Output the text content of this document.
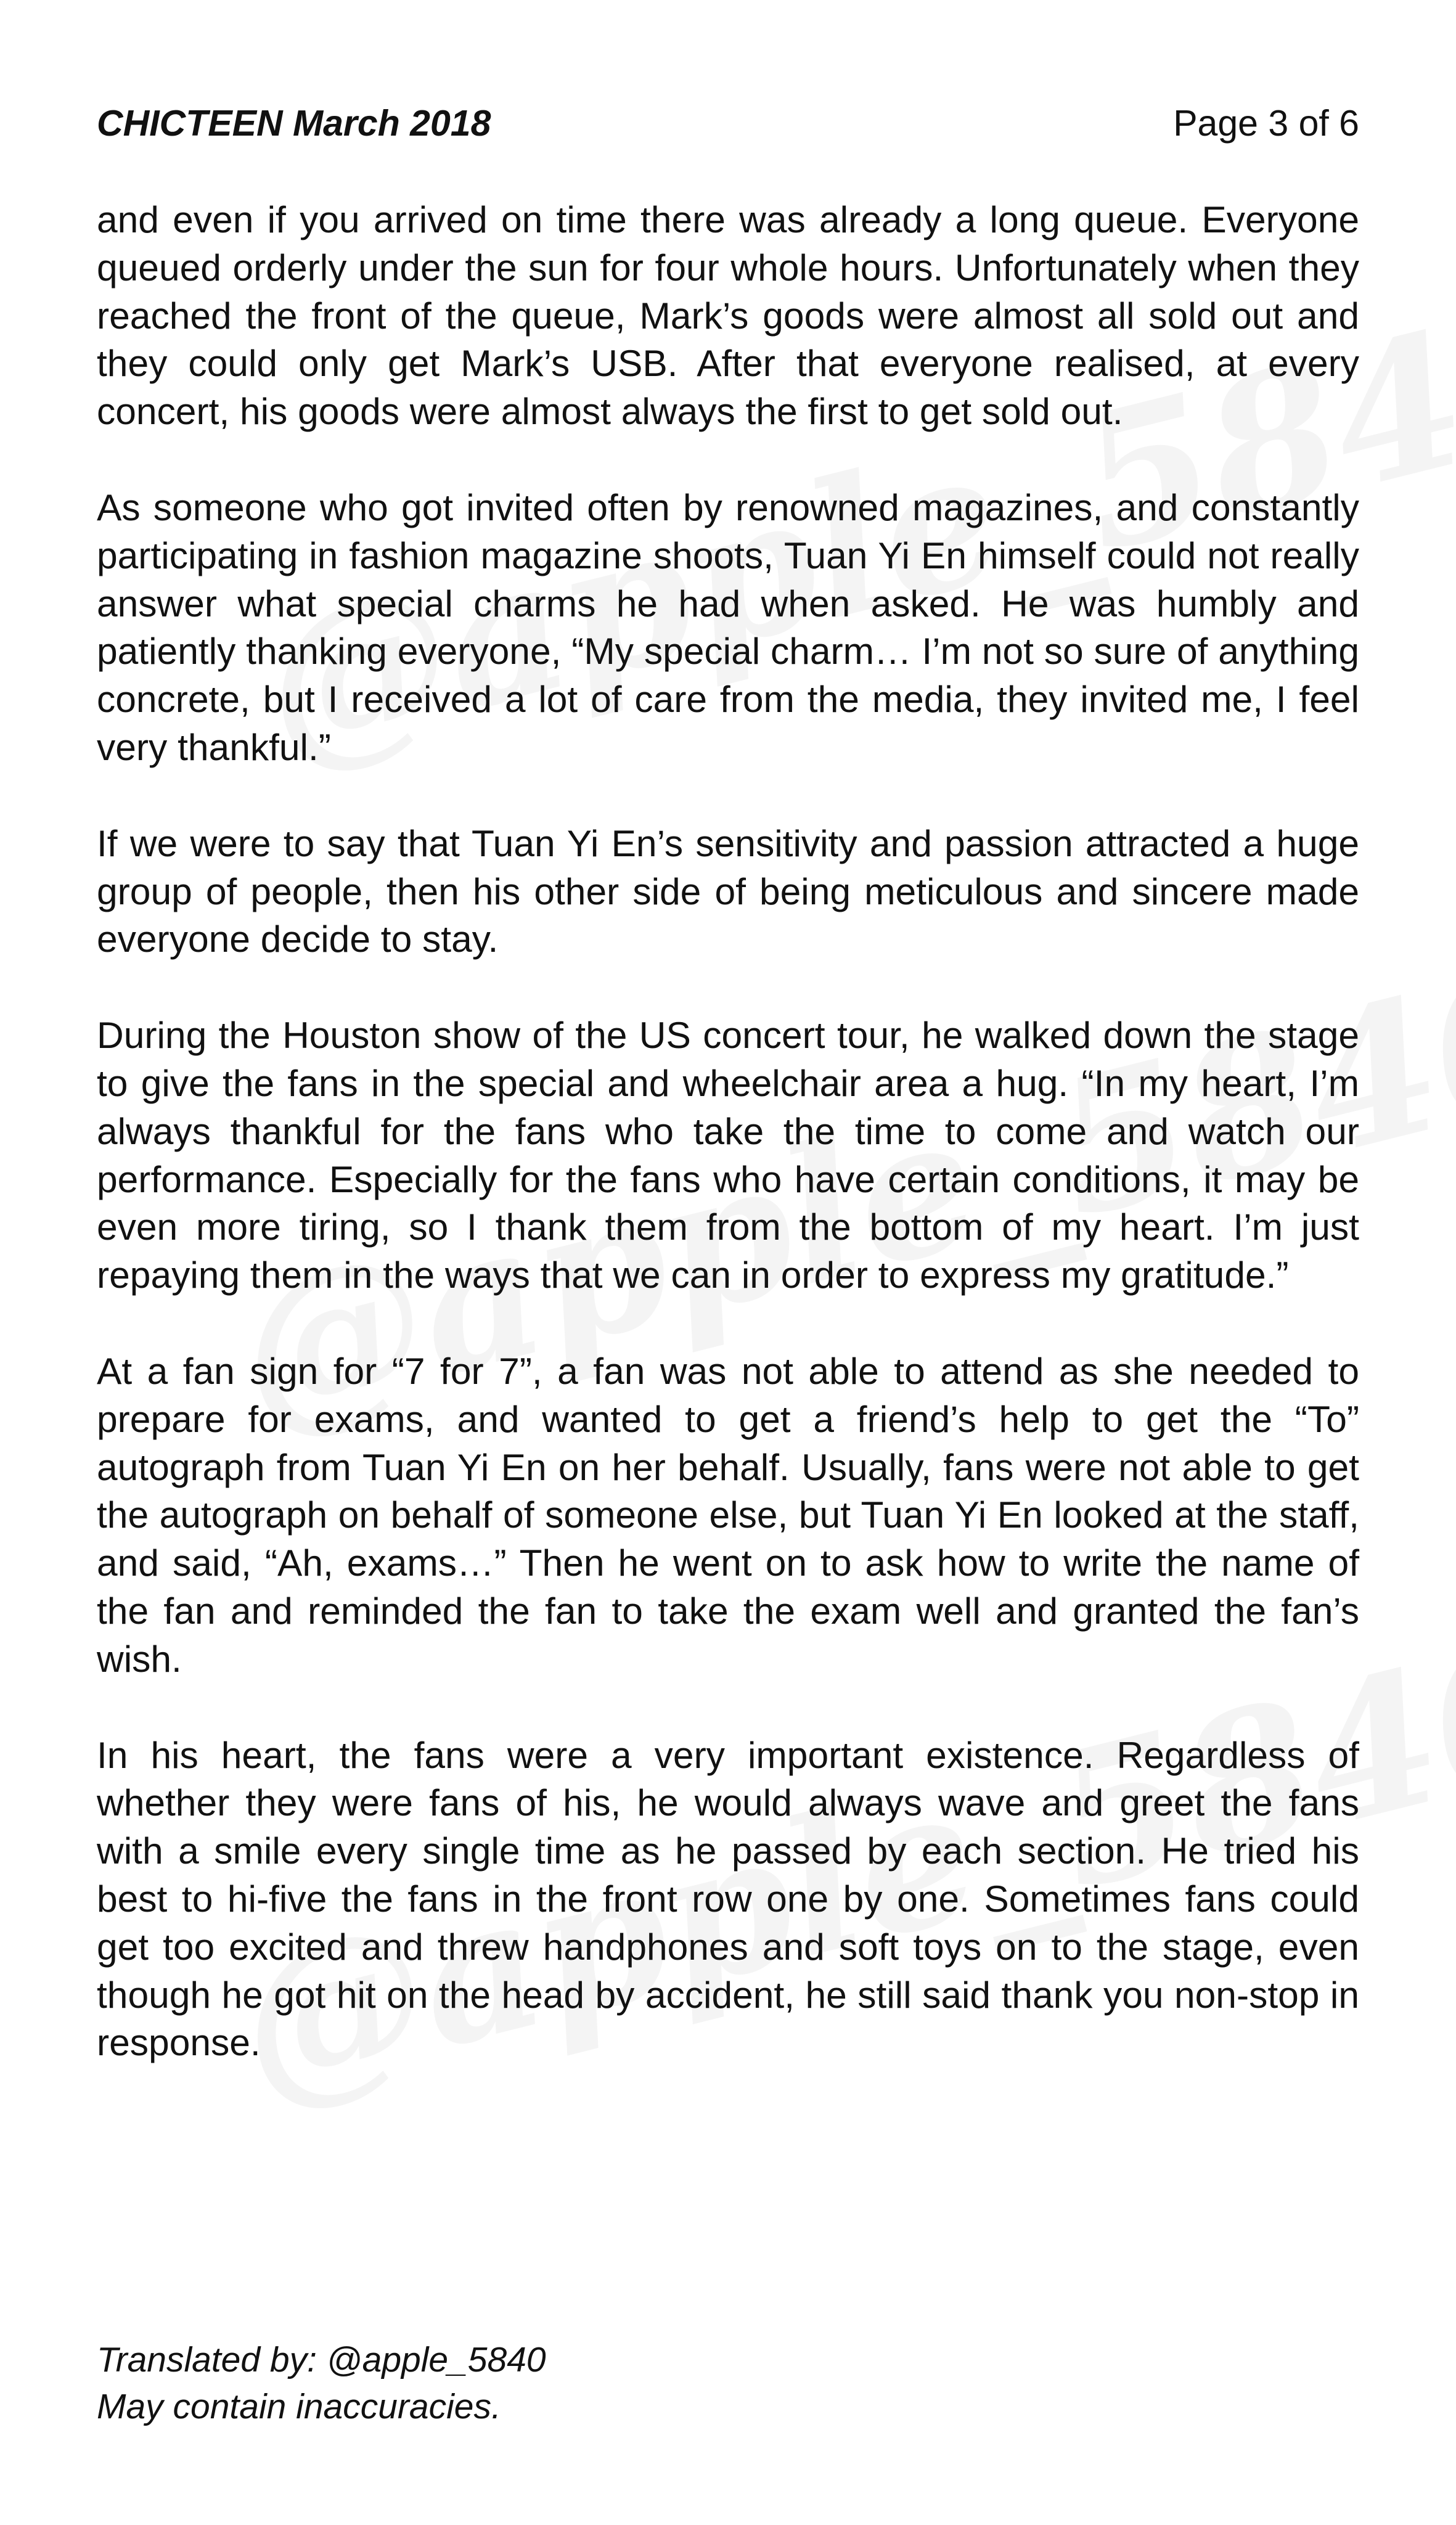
CHICTEEN March 2018	Page 3 of 6

and even if you arrived on time there was already a long queue. Everyone queued orderly under the sun for four whole hours. Unfortunately when they reached the front of the queue, Mark’s goods were almost all sold out and they could only get Mark’s USB. After that everyone realised, at every concert, his goods were almost always the first to get sold out.

As someone who got invited often by renowned magazines, and constantly participating in fashion magazine shoots, Tuan Yi En himself could not really answer what special charms he had when asked. He was humbly and patiently thanking everyone, “My special charm… I’m not so sure of anything concrete, but I received a lot of care from the media, they invited me, I feel very thankful.”

If we were to say that Tuan Yi En’s sensitivity and passion attracted a huge group of people, then his other side of being meticulous and sincere made everyone decide to stay.

During the Houston show of the US concert tour, he walked down the stage to give the fans in the special and wheelchair area a hug. “In my heart, I’m always thankful for the fans who take the time to come and watch our performance. Especially for the fans who have certain conditions, it may be even more tiring, so I thank them from the bottom of my heart. I’m just repaying them in the ways that we can in order to express my gratitude.”

At a fan sign for “7 for 7”, a fan was not able to attend as she needed to prepare for exams, and wanted to get a friend’s help to get the “To” autograph from Tuan Yi En on her behalf. Usually, fans were not able to get the autograph on behalf of someone else, but Tuan Yi En looked at the staff, and said, “Ah, exams…” Then he went on to ask how to write the name of the fan and reminded the fan to take the exam well and granted the fan’s wish.

In his heart, the fans were a very important existence. Regardless of whether they were fans of his, he would always wave and greet the fans with a smile every single time as he passed by each section. He tried his best to hi-five the fans in the front row one by one. Sometimes fans could get too excited and threw handphones and soft toys on to the stage, even though he got hit on the head by accident, he still said thank you non-stop in response.

Translated by: @apple_5840
May contain inaccuracies.
